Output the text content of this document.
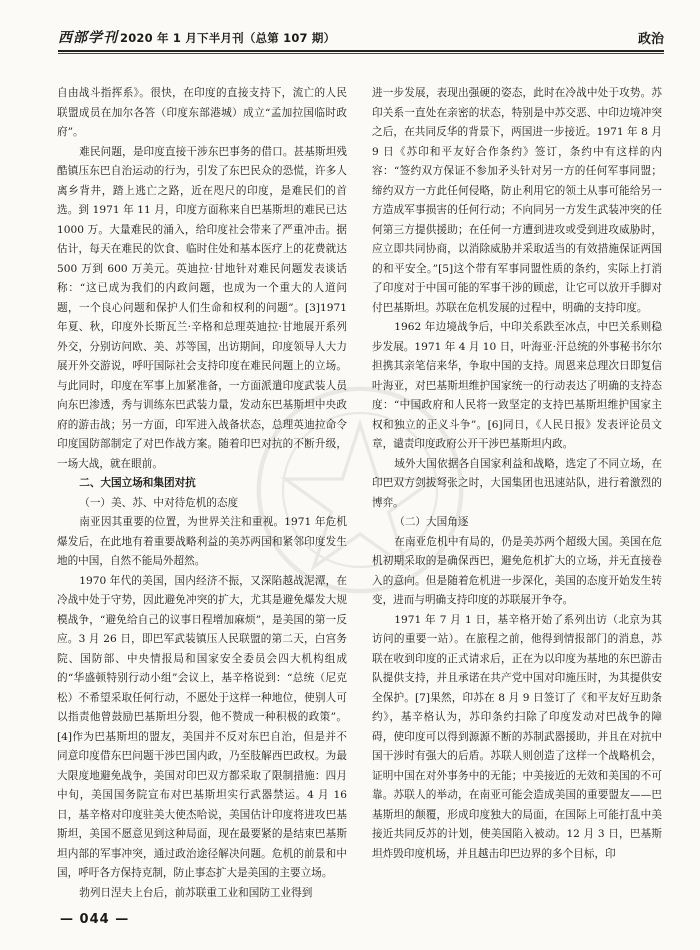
西部学刊 2020 年 1 月下半月刊（总第 107 期）	政治

自由战斗指挥系》。很快，在印度的直接支持下，流亡的人民联盟成员在加尔各答（印度东部港城）成立“孟加拉国临时政府”。

难民问题，是印度直接干涉东巴事务的借口。甚基斯坦残酷镇压东巴自治运动的行为，引发了东巴民众的恐慌，许多人离乡背井，踏上逃亡之路，近在咫尺的印度，是难民们的首选。到 1971 年 11 月，印度方面称来自巴基斯坦的难民已达 1000 万。大量难民的涌入，给印度社会带来了严重冲击。据估计，每天在难民的饮食、临时住处和基本医疗上的花费就达 500 万到 600 万美元。英迪拉·甘地针对难民问题发表谈话称：“这已成为我们的内政问题，也成为一个重大的人道问题，一个良心问题和保护人们生命和权利的问题”。[3]1971 年夏、秋，印度外长斯瓦兰·辛格和总理英迪拉·甘地展开系列外交，分别访问欧、美、苏等国，出访期间，印度领导人大力展开外交游说，呼吁国际社会支持印度在难民问题上的立场。与此同时，印度在军事上加紧准备，一方面派遣印度武装人员向东巴渗透，秀与训练东巴武装力量，发动东巴基斯坦中央政府的游击战；另一方面，印军进入战备状态，总理英迪拉命令印度国防部制定了对巴作战方案。随着印巴对抗的不断升级，一场大战，就在眼前。

二、大国立场和集团对抗

（一）美、苏、中对待危机的态度

南亚因其重要的位置，为世界关注和重视。1971 年危机爆发后，在此地有着重要战略利益的美苏两国和紧邻印度发生地的中国，自然不能局外超然。

1970 年代的美国，国内经济不振，又深陷越战泥潭，在冷战中处于守势，因此避免冲突的扩大，尤其是避免爆发大规模战争，“避免给自己的议事日程增加麻烦”，是美国的第一反应。3 月 26 日，即巴军武装镇压人民联盟的第二天，白宫务院、国防部、中央情报局和国家安全委员会四大机构组成的“华盛顿特别行动小组”会议上，基辛格说到：“总统（尼克松）不希望采取任何行动，不愿处于这样一种地位，使别人可以指责他曾鼓励巴基斯坦分裂，他不赞成一种积极的政策”。[4]作为巴基斯坦的盟友，美国并不反对东巴自治，但是并不同意印度借东巴问题干涉巴国内政，乃至肢解西巴政权。为最大限度地避免战争，美国对印巴双方都采取了限制措施：四月中旬，美国国务院宣布对巴基斯坦实行武器禁运。4 月 16 日，基辛格对印度驻美大使杰哈说，美国估计印度将进攻巴基斯坦，美国不愿意见到这种局面，现在最要紧的是结束巴基斯坦内部的军事冲突，通过政治途径解决问题。危机的前景和中国，呼吁各方保持克制，防止事态扩大是美国的主要立场。

勃列日涅夫上台后，前苏联重工业和国防工业得到

进一步发展，表现出强硬的姿态，此时在冷战中处于攻势。苏印关系一直处在亲密的状态，特别是中苏交恶、中印边境冲突之后，在共同反华的背景下，两国进一步接近。1971 年 8 月 9 日《苏印和平友好合作条约》签订，条约中有这样的内容：“签约双方保证不参加矛头针对另一方的任何军事同盟；缔约双方一方此任何侵略，防止利用它的领土从事可能给另一方造成军事损害的任何行动；不向同另一方发生武装冲突的任何第三方提供援助；在任何一方遭到进攻或受到进攻威胁时，应立即共同协商，以消除威胁并采取适当的有效措施保证两国的和平安全。”[5]这个带有军事同盟性质的条约，实际上打消了印度对于中国可能的军事干涉的顾虑，让它可以放开手脚对付巴基斯坦。苏联在危机发展的过程中，明确的支持印度。

1962 年边境战争后，中印关系跌至冰点，中巴关系则稳步发展。1971 年 4 月 10 日，叶海亚·汗总统的外事秘书尔尔担携其亲笔信来华，争取中国的支持。周恩来总理次日即复信叶海亚，对巴基斯坦维护国家统一的行动表达了明确的支持态度：“中国政府和人民将一致坚定的支持巴基斯坦维护国家主权和独立的正义斗争”。[6]同日，《人民日报》发表评论员文章，谴责印度政府公开干涉巴基斯坦内政。

域外大国依据各自国家利益和战略，选定了不同立场，在印巴双方剑拔弩张之时，大国集团也迅速站队，进行着激烈的博弈。

（二）大国角逐

在南亚危机中有局的，仍是美苏两个超级大国。美国在危机初期采取的是确保西巴，避免危机扩大的立场，并无直接卷入的意向。但是随着危机进一步深化，美国的态度开始发生转变，进而与明确支持印度的苏联展开争夺。

1971 年 7 月 1 日，基辛格开始了系列出访（北京为其访问的重要一站）。在旅程之前，他得到情报部门的消息，苏联在收到印度的正式请求后，正在为以印度为基地的东巴游击队提供支持，并且承诺在共产党中国对印施压时，为其提供安全保护。[7]果然，印苏在 8 月 9 日签订了《和平友好互助条约》，基辛格认为，苏印条约扫除了印度发动对巴战争的障碍，使印度可以得到源源不断的苏制武器援助，并且在对抗中国干涉时有强大的后盾。苏联人则创造了这样一个战略机会，证明中国在对外事务中的无能；中美接近的无效和美国的不可靠。苏联人的举动，在南亚可能会造成美国的重要盟友——巴基斯坦的颠覆，形成印度独大的局面，在国际上可能打乱中美接近共同反苏的计划，使美国陷入被动。12 月 3 日，巴基斯坦炸毁印度机场，并且越击印巴边界的多个目标，印

— 044 —
